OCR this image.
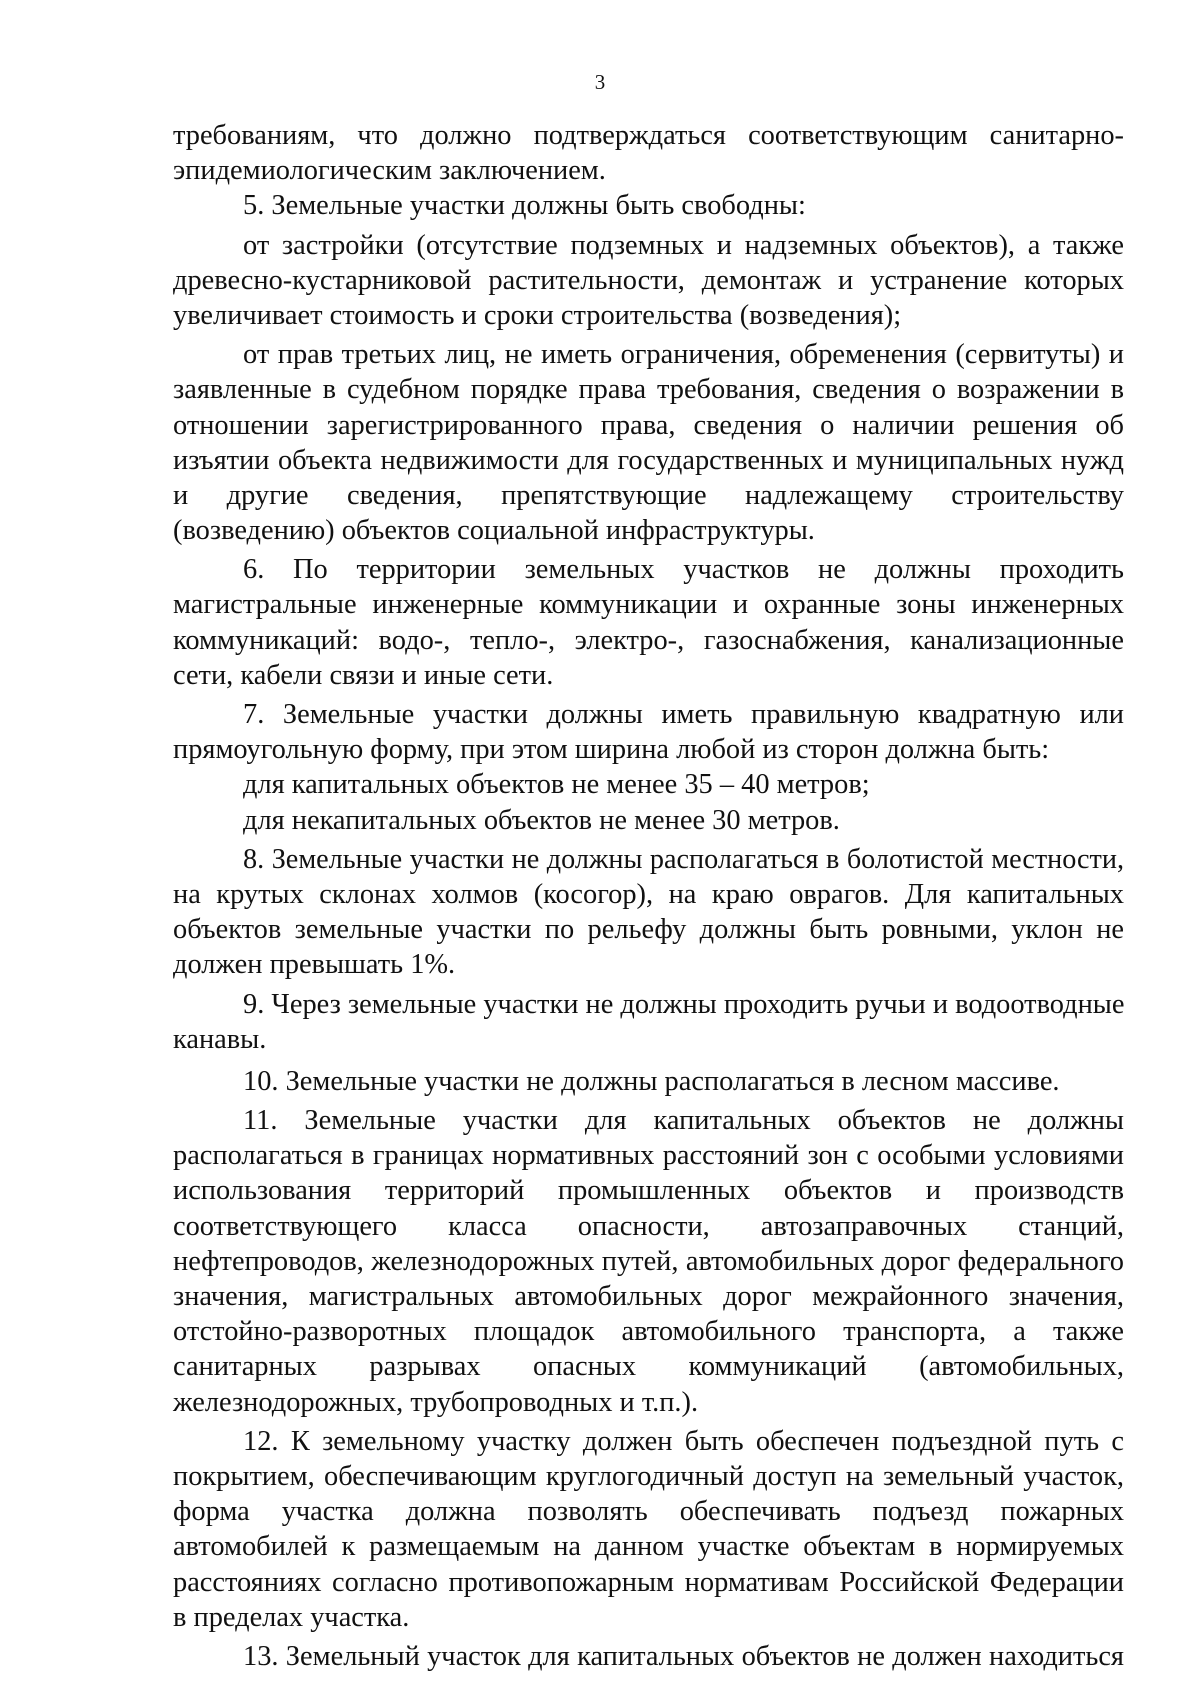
3
требованиям, что должно подтверждаться соответствующим санитарно-
эпидемиологическим заключением.
5. Земельные участки должны быть свободны:
от застройки (отсутствие подземных и надземных объектов), а также
древесно-кустарниковой растительности, демонтаж и устранение которых
увеличивает стоимость и сроки строительства (возведения);
от прав третьих лиц, не иметь ограничения, обременения (сервитуты) и
заявленные в судебном порядке права требования, сведения о возражении в
отношении зарегистрированного права, сведения о наличии решения об
изъятии объекта недвижимости для государственных и муниципальных нужд
и другие сведения, препятствующие надлежащему строительству
(возведению) объектов социальной инфраструктуры.
6. По территории земельных участков не должны проходить
магистральные инженерные коммуникации и охранные зоны инженерных
коммуникаций: водо-, тепло-, электро-, газоснабжения, канализационные
сети, кабели связи и иные сети.
7. Земельные участки должны иметь правильную квадратную или
прямоугольную форму, при этом ширина любой из сторон должна быть:
для капитальных объектов не менее 35 – 40 метров;
для некапитальных объектов не менее 30 метров.
8. Земельные участки не должны располагаться в болотистой местности,
на крутых склонах холмов (косогор), на краю оврагов. Для капитальных
объектов земельные участки по рельефу должны быть ровными, уклон не
должен превышать 1%.
9. Через земельные участки не должны проходить ручьи и водоотводные
канавы.
10. Земельные участки не должны располагаться в лесном массиве.
11. Земельные участки для капитальных объектов не должны
располагаться в границах нормативных расстояний зон с особыми условиями
использования территорий промышленных объектов и производств
соответствующего класса опасности, автозаправочных станций,
нефтепроводов, железнодорожных путей, автомобильных дорог федерального
значения, магистральных автомобильных дорог межрайонного значения,
отстойно-разворотных площадок автомобильного транспорта, а также
санитарных разрывах опасных коммуникаций (автомобильных,
железнодорожных, трубопроводных и т.п.).
12. К земельному участку должен быть обеспечен подъездной путь с
покрытием, обеспечивающим круглогодичный доступ на земельный участок,
форма участка должна позволять обеспечивать подъезд пожарных
автомобилей к размещаемым на данном участке объектам в нормируемых
расстояниях согласно противопожарным нормативам Российской Федерации
в пределах участка.
13. Земельный участок для капитальных объектов не должен находиться
